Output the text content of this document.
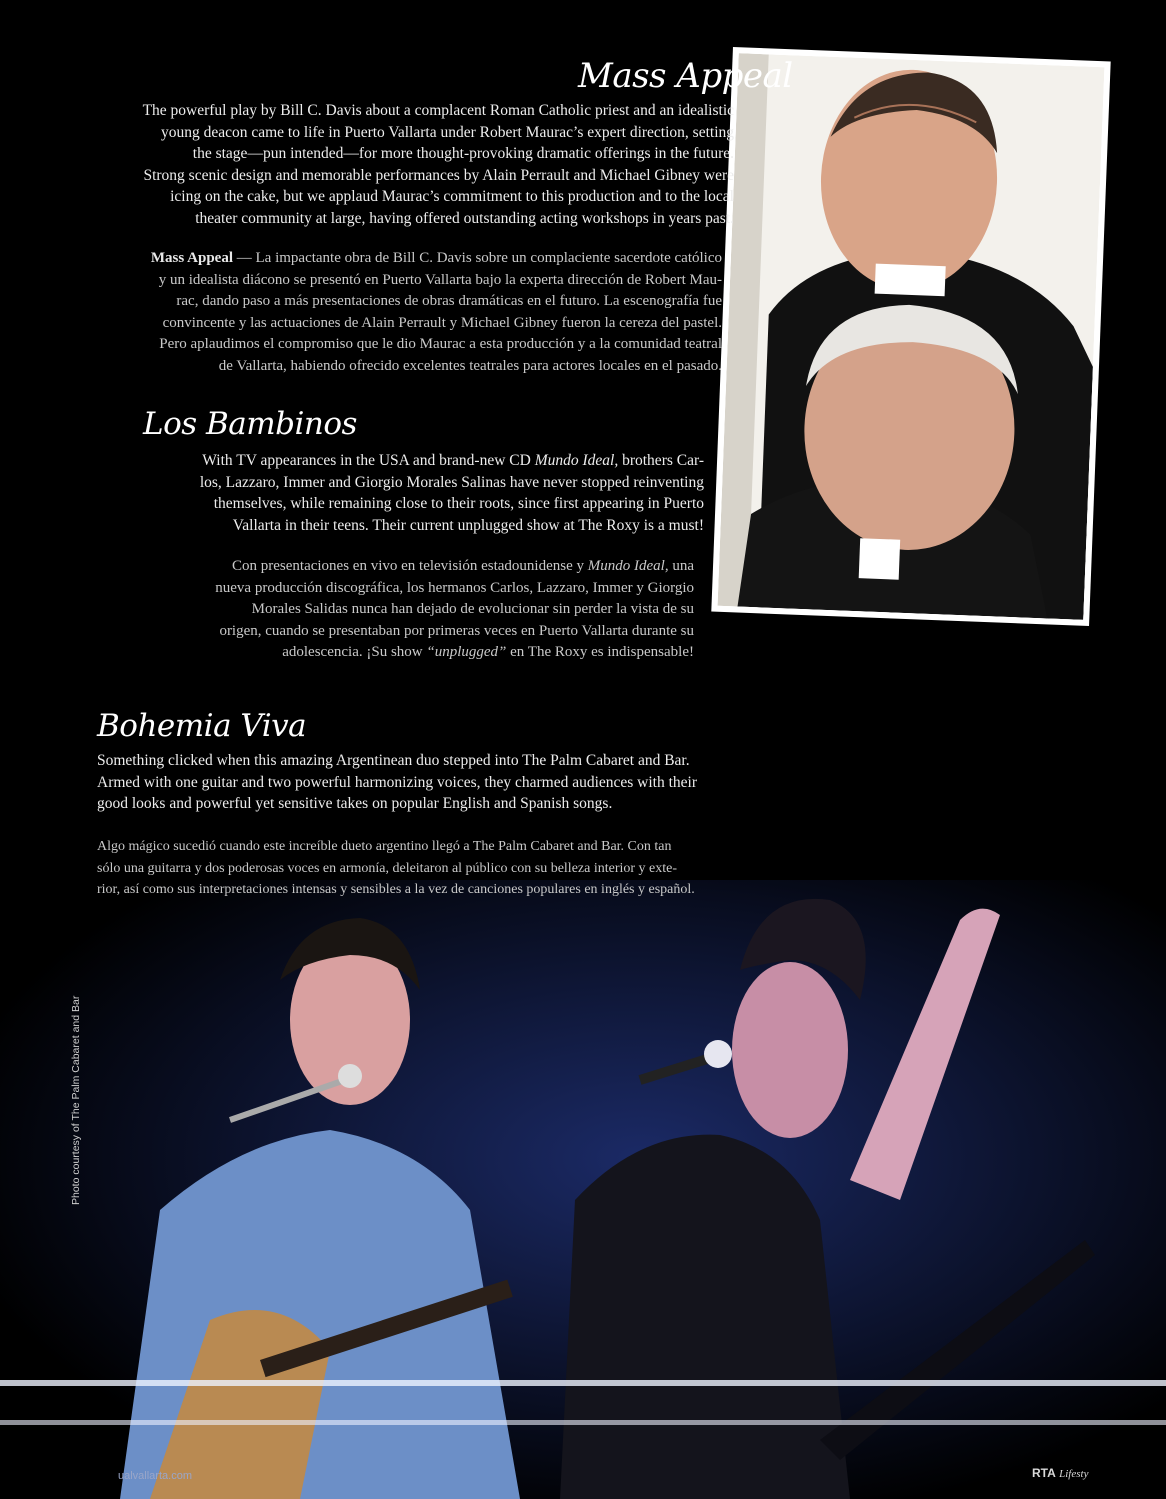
Mass Appeal

The powerful play by Bill C. Davis about a complacent Roman Catholic priest and an idealistic

young deacon came to life in Puerto Vallarta under Robert Maurac’s expert direction, setting

the stage—pun intended—for more thought-provoking dramatic offerings in the future.

Strong scenic design and memorable performances by Alain Perrault and Michael Gibney were

icing on the cake, but we applaud Maurac’s commitment to this production and to the local

theater community at large, having offered outstanding acting workshops in years past.

Mass Appeal — La impactante obra de Bill C. Davis sobre un complaciente sacerdote católico

y un idealista diácono se presentó en Puerto Vallarta bajo la experta dirección de Robert Mau-

rac, dando paso a más presentaciones de obras dramáticas en el futuro. La escenografía fue

convincente y las actuaciones de Alain Perrault y Michael Gibney fueron la cereza del pastel.

Pero aplaudimos el compromiso que le dio Maurac a esta producción y a la comunidad teatral

de Vallarta, habiendo ofrecido excelentes teatrales para actores locales en el pasado.

Los Bambinos

With TV appearances in the USA and brand-new CD Mundo Ideal, brothers Car-

los, Lazzaro, Immer and Giorgio Morales Salinas have never stopped reinventing

themselves, while remaining close to their roots, since first appearing in Puerto

Vallarta in their teens. Their current unplugged show at The Roxy is a must!

Con presentaciones en vivo en televisión estadounidense y Mundo Ideal, una

nueva producción discográfica, los hermanos Carlos, Lazzaro, Immer y Giorgio

Morales Salidas nunca han dejado de evolucionar sin perder la vista de su

origen, cuando se presentaban por primeras veces en Puerto Vallarta durante su

adolescencia. ¡Su show “unplugged” en The Roxy es indispensable!

Bohemia Viva

Something clicked when this amazing Argentinean duo stepped into The Palm Cabaret and Bar.

Armed with one guitar and two powerful harmonizing voices, they charmed audiences with their

good looks and powerful yet sensitive takes on popular English and Spanish songs.

Algo mágico sucedió cuando este increíble dueto argentino llegó a The Palm Cabaret and Bar. Con tan

sólo una guitarra y dos poderosas voces en armonía, deleitaron al público con su belleza interior y exte-

rior, así como sus interpretaciones intensas y sensibles a la vez de canciones populares en inglés y español.

Photo courtesy of The Palm Cabaret and Bar
ualvallarta.com	RTA Lifesty
